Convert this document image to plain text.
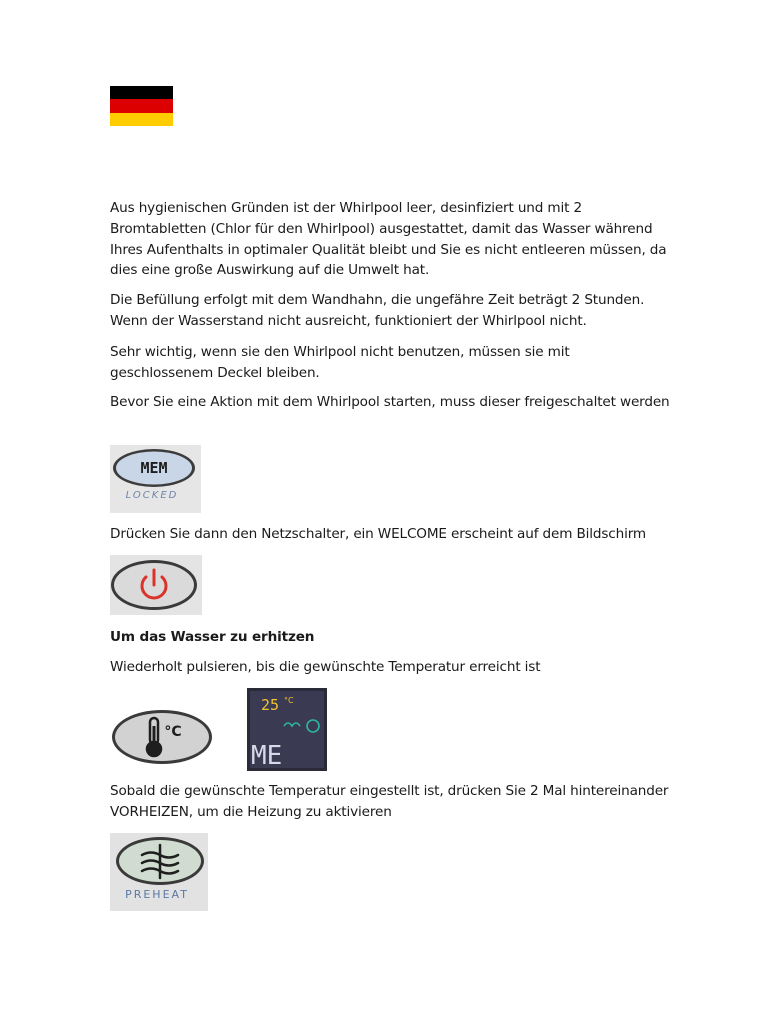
Aus hygienischen Gründen ist der Whirlpool leer, desinfiziert und mit 2 Bromtabletten (Chlor für den Whirlpool) ausgestattet, damit das Wasser während Ihres Aufenthalts in optimaler Qualität bleibt und Sie es nicht entleeren müssen, da dies eine große Auswirkung auf die Umwelt hat.

Die Befüllung erfolgt mit dem Wandhahn, die ungefähre Zeit beträgt 2 Stunden. Wenn der Wasserstand nicht ausreicht, funktioniert der Whirlpool nicht.

Sehr wichtig, wenn sie den Whirlpool nicht benutzen, müssen sie mit geschlossenem Deckel bleiben.

Bevor Sie eine Aktion mit dem Whirlpool starten, muss dieser freigeschaltet werden

MEM
LOCKED

Drücken Sie dann den Netzschalter, ein WELCOME erscheint auf dem Bildschirm

Um das Wasser zu erhitzen

Wiederholt pulsieren, bis die gewünschte Temperatur erreicht ist

°C
25 °C
ME

Sobald die gewünschte Temperatur eingestellt ist, drücken Sie 2 Mal hintereinander VORHEIZEN, um die Heizung zu aktivieren

PREHEAT
